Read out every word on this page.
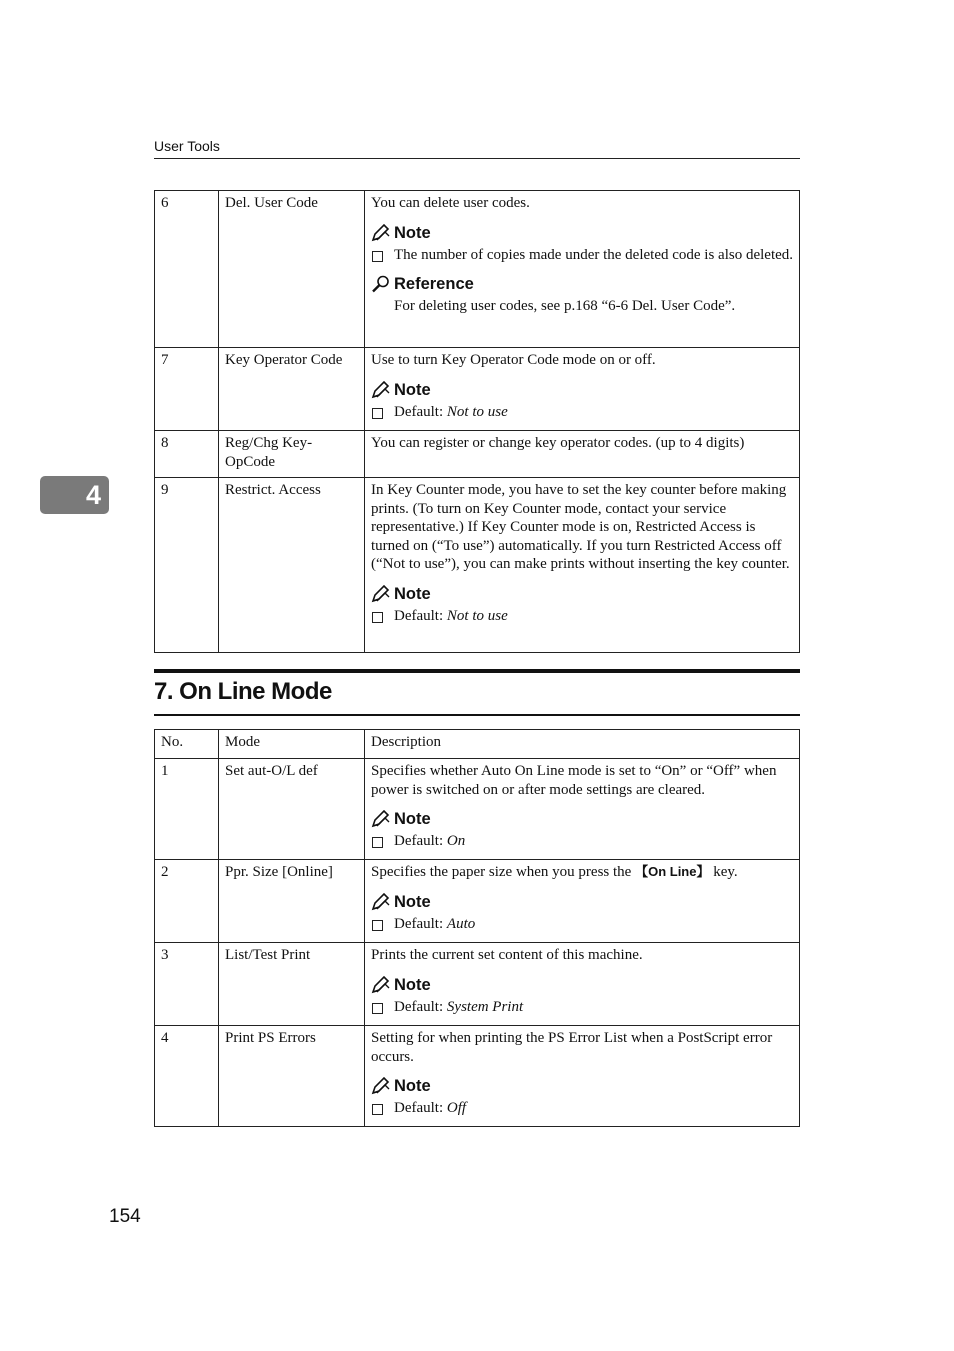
User Tools
4
6	Del. User Code	You can delete user codes.
Note
The number of copies made under the deleted code is also deleted.
Reference
For deleting user codes, see p.168 “6-6 Del. User Code”.

7	Key Operator Code	Use to turn Key Operator Code mode on or off.
Note
Default: Not to use

8	Reg/Chg Key-OpCode	You can register or change key operator codes. (up to 4 digits)
9	Restrict. Access	In Key Counter mode, you have to set the key counter before making prints. (To turn on Key Counter mode, contact your service representative.) If Key Counter mode is on, Restricted Access is turned on (“To use”) automatically. If you turn Restricted Access off (“Not to use”), you can make prints without inserting the key counter.
Note
Default: Not to use
7. On Line Mode
No.	Mode	Description
1	Set aut-O/L def	Specifies whether Auto On Line mode is set to “On” or “Off” when power is switched on or after mode settings are cleared.
Note
Default: On

2	Ppr. Size [Online]	Specifies the paper size when you press the 【On Line】 key.
Note
Default: Auto

3	List/Test Print	Prints the current set content of this machine.
Note
Default: System Print

4	Print PS Errors	Setting for when printing the PS Error List when a PostScript error occurs.
Note
Default: Off
154
